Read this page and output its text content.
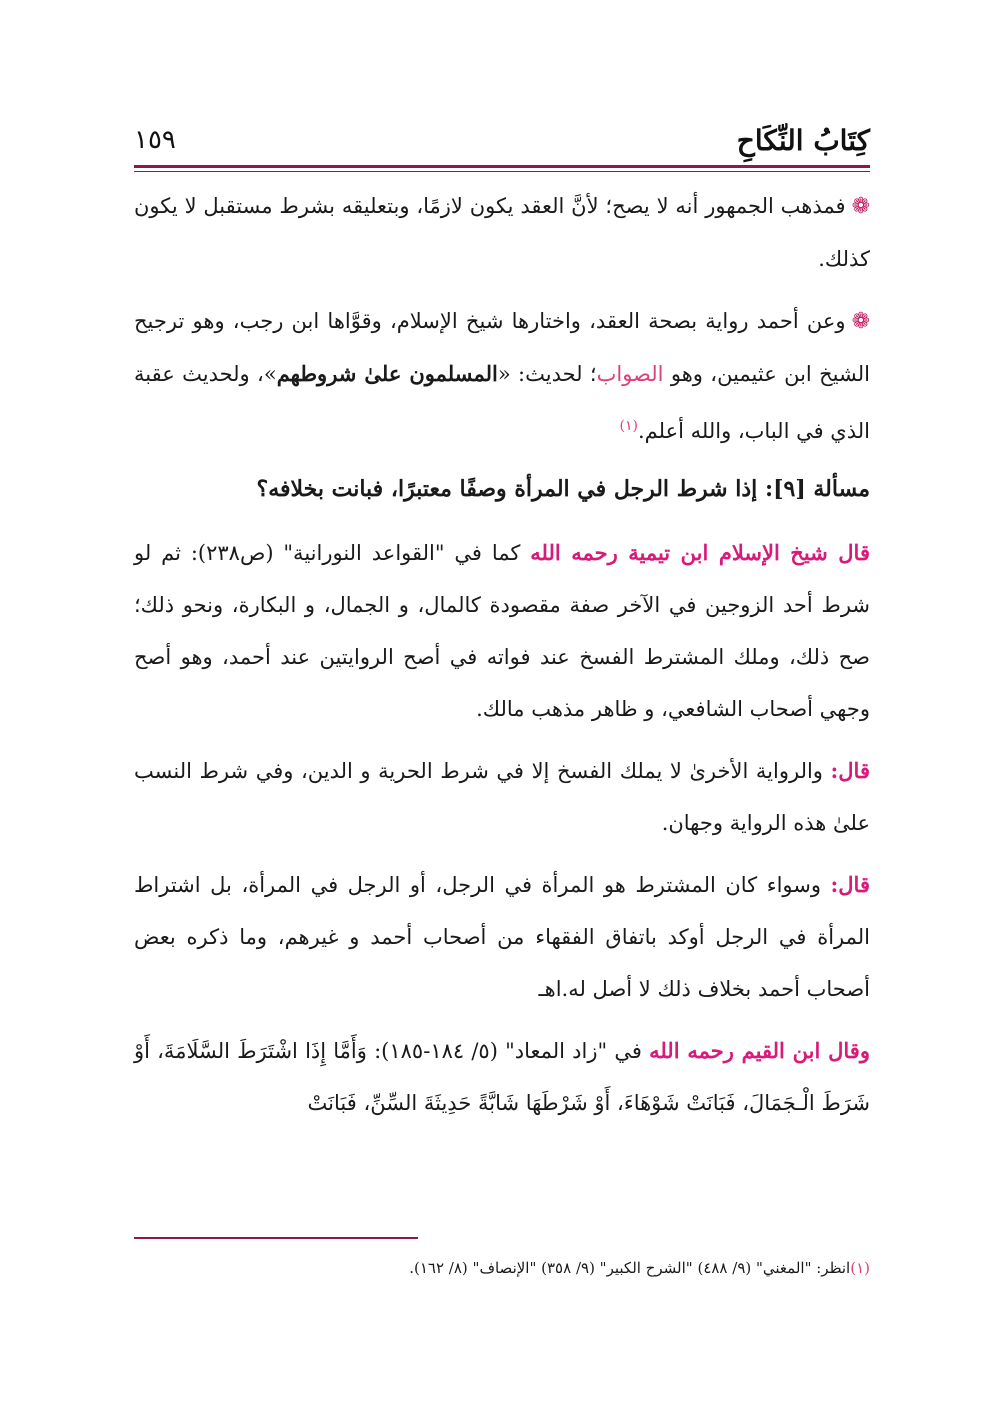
كِتَابُ النِّكَاحِ
١٥٩

❁فمذهب الجمهور أنه لا يصح؛ لأنَّ العقد يكون لازمًا، وبتعليقه بشرط مستقبل لا يكون كذلك.

❁وعن أحمد رواية بصحة العقد، واختارها شيخ الإسلام، وقوَّاها ابن رجب، وهو ترجيح الشيخ ابن عثيمين، وهو الصواب؛ لحديث: «المسلمون علىٰ شروطهم»، ولحديث عقبة الذي في الباب، والله أعلم.$^{(١)}$

مسألة [٩]: إذا شرط الرجل في المرأة وصفًا معتبرًا، فبانت بخلافه؟

قال شيخ الإسلام ابن تيمية رحمه الله كما في "القواعد النورانية" (ص٢٣٨): ثم لو شرط أحد الزوجين في الآخر صفة مقصودة كالمال، و الجمال، و البكارة، ونحو ذلك؛ صح ذلك، وملك المشترط الفسخ عند فواته في أصح الروايتين عند أحمد، وهو أصح وجهي أصحاب الشافعي، و ظاهر مذهب مالك.

قال: والرواية الأخرىٰ لا يملك الفسخ إلا في شرط الحرية و الدين، وفي شرط النسب علىٰ هذه الرواية وجهان.

قال: وسواء كان المشترط هو المرأة في الرجل، أو الرجل في المرأة، بل اشتراط المرأة في الرجل أوكد باتفاق الفقهاء من أصحاب أحمد و غيرهم، وما ذكره بعض أصحاب أحمد بخلاف ذلك لا أصل له.اهـ

وقال ابن القيم رحمه الله في "زاد المعاد" (٥/ ١٨٤-١٨٥): وَأَمَّا إِذَا اشْتَرَطَ السَّلَامَةَ، أَوْ شَرَطَ الْـجَمَالَ، فَبَانَتْ شَوْهَاءَ، أَوْ شَرْطَهَا شَابَّةً حَدِيثَةَ السِّنِّ، فَبَانَتْ

(١)انظر: "المغني" (٩/ ٤٨٨) "الشرح الكبير" (٩/ ٣٥٨) "الإنصاف" (٨/ ١٦٢).
